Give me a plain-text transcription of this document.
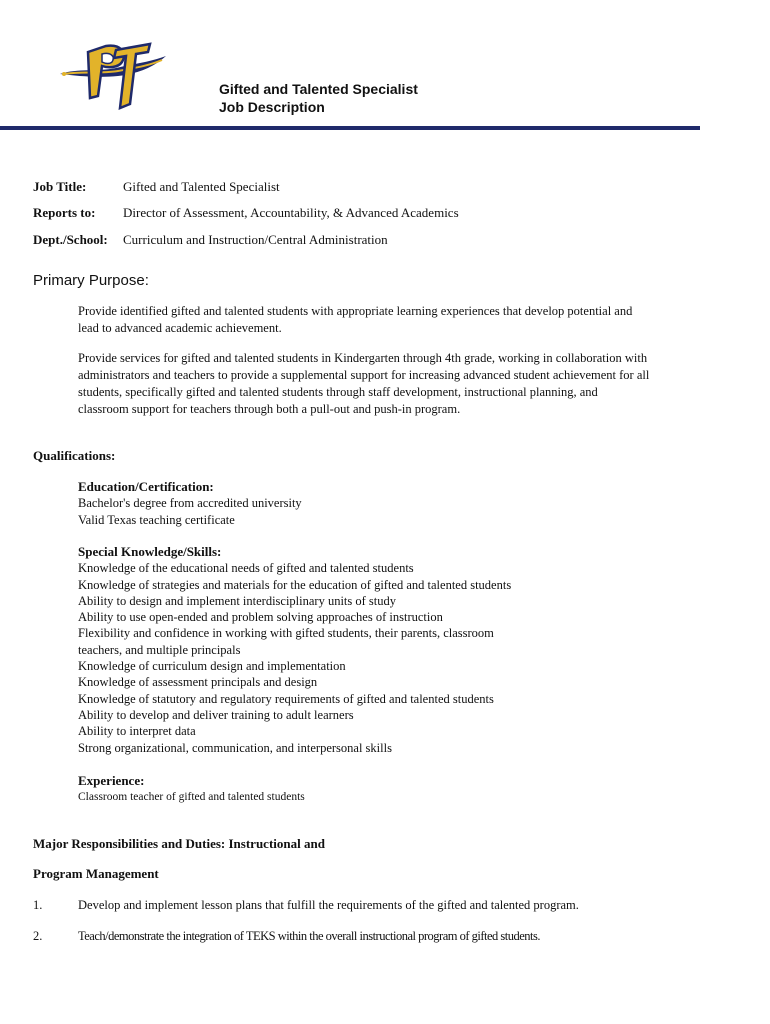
Gifted and Talented Specialist
Job Description
Job Title:	Gifted and Talented Specialist
Reports to: Director of Assessment, Accountability, & Advanced Academics
Dept./School: Curriculum and Instruction/Central Administration
Primary Purpose:
Provide identified gifted and talented students with appropriate learning experiences that develop potential and
lead to advanced academic achievement.
Provide services for gifted and talented students in Kindergarten through 4th grade, working in collaboration with
administrators and teachers to provide a supplemental support for increasing advanced student achievement for all
students, specifically gifted and talented students through staff development, instructional planning, and
classroom support for teachers through both a pull-out and push-in program.
Qualifications:
Education/Certification:
Bachelor's degree from accredited university
Valid Texas teaching certificate
Special Knowledge/Skills:
Knowledge of the educational needs of gifted and talented students
Knowledge of strategies and materials for the education of gifted and talented students
Ability to design and implement interdisciplinary units of study
Ability to use open-ended and problem solving approaches of instruction
Flexibility and confidence in working with gifted students, their parents, classroom
teachers, and multiple principals
Knowledge of curriculum design and implementation
Knowledge of assessment principals and design
Knowledge of statutory and regulatory requirements of gifted and talented students
Ability to develop and deliver training to adult learners
Ability to interpret data
Strong organizational, communication, and interpersonal skills
Experience:
Classroom teacher of gifted and talented students
Major Responsibilities and Duties: Instructional and
Program Management
1.	Develop and implement lesson plans that fulfill the requirements of the gifted and talented program.
2.	Teach/demonstrate the integration of TEKS within the overall instructional program of gifted students.
